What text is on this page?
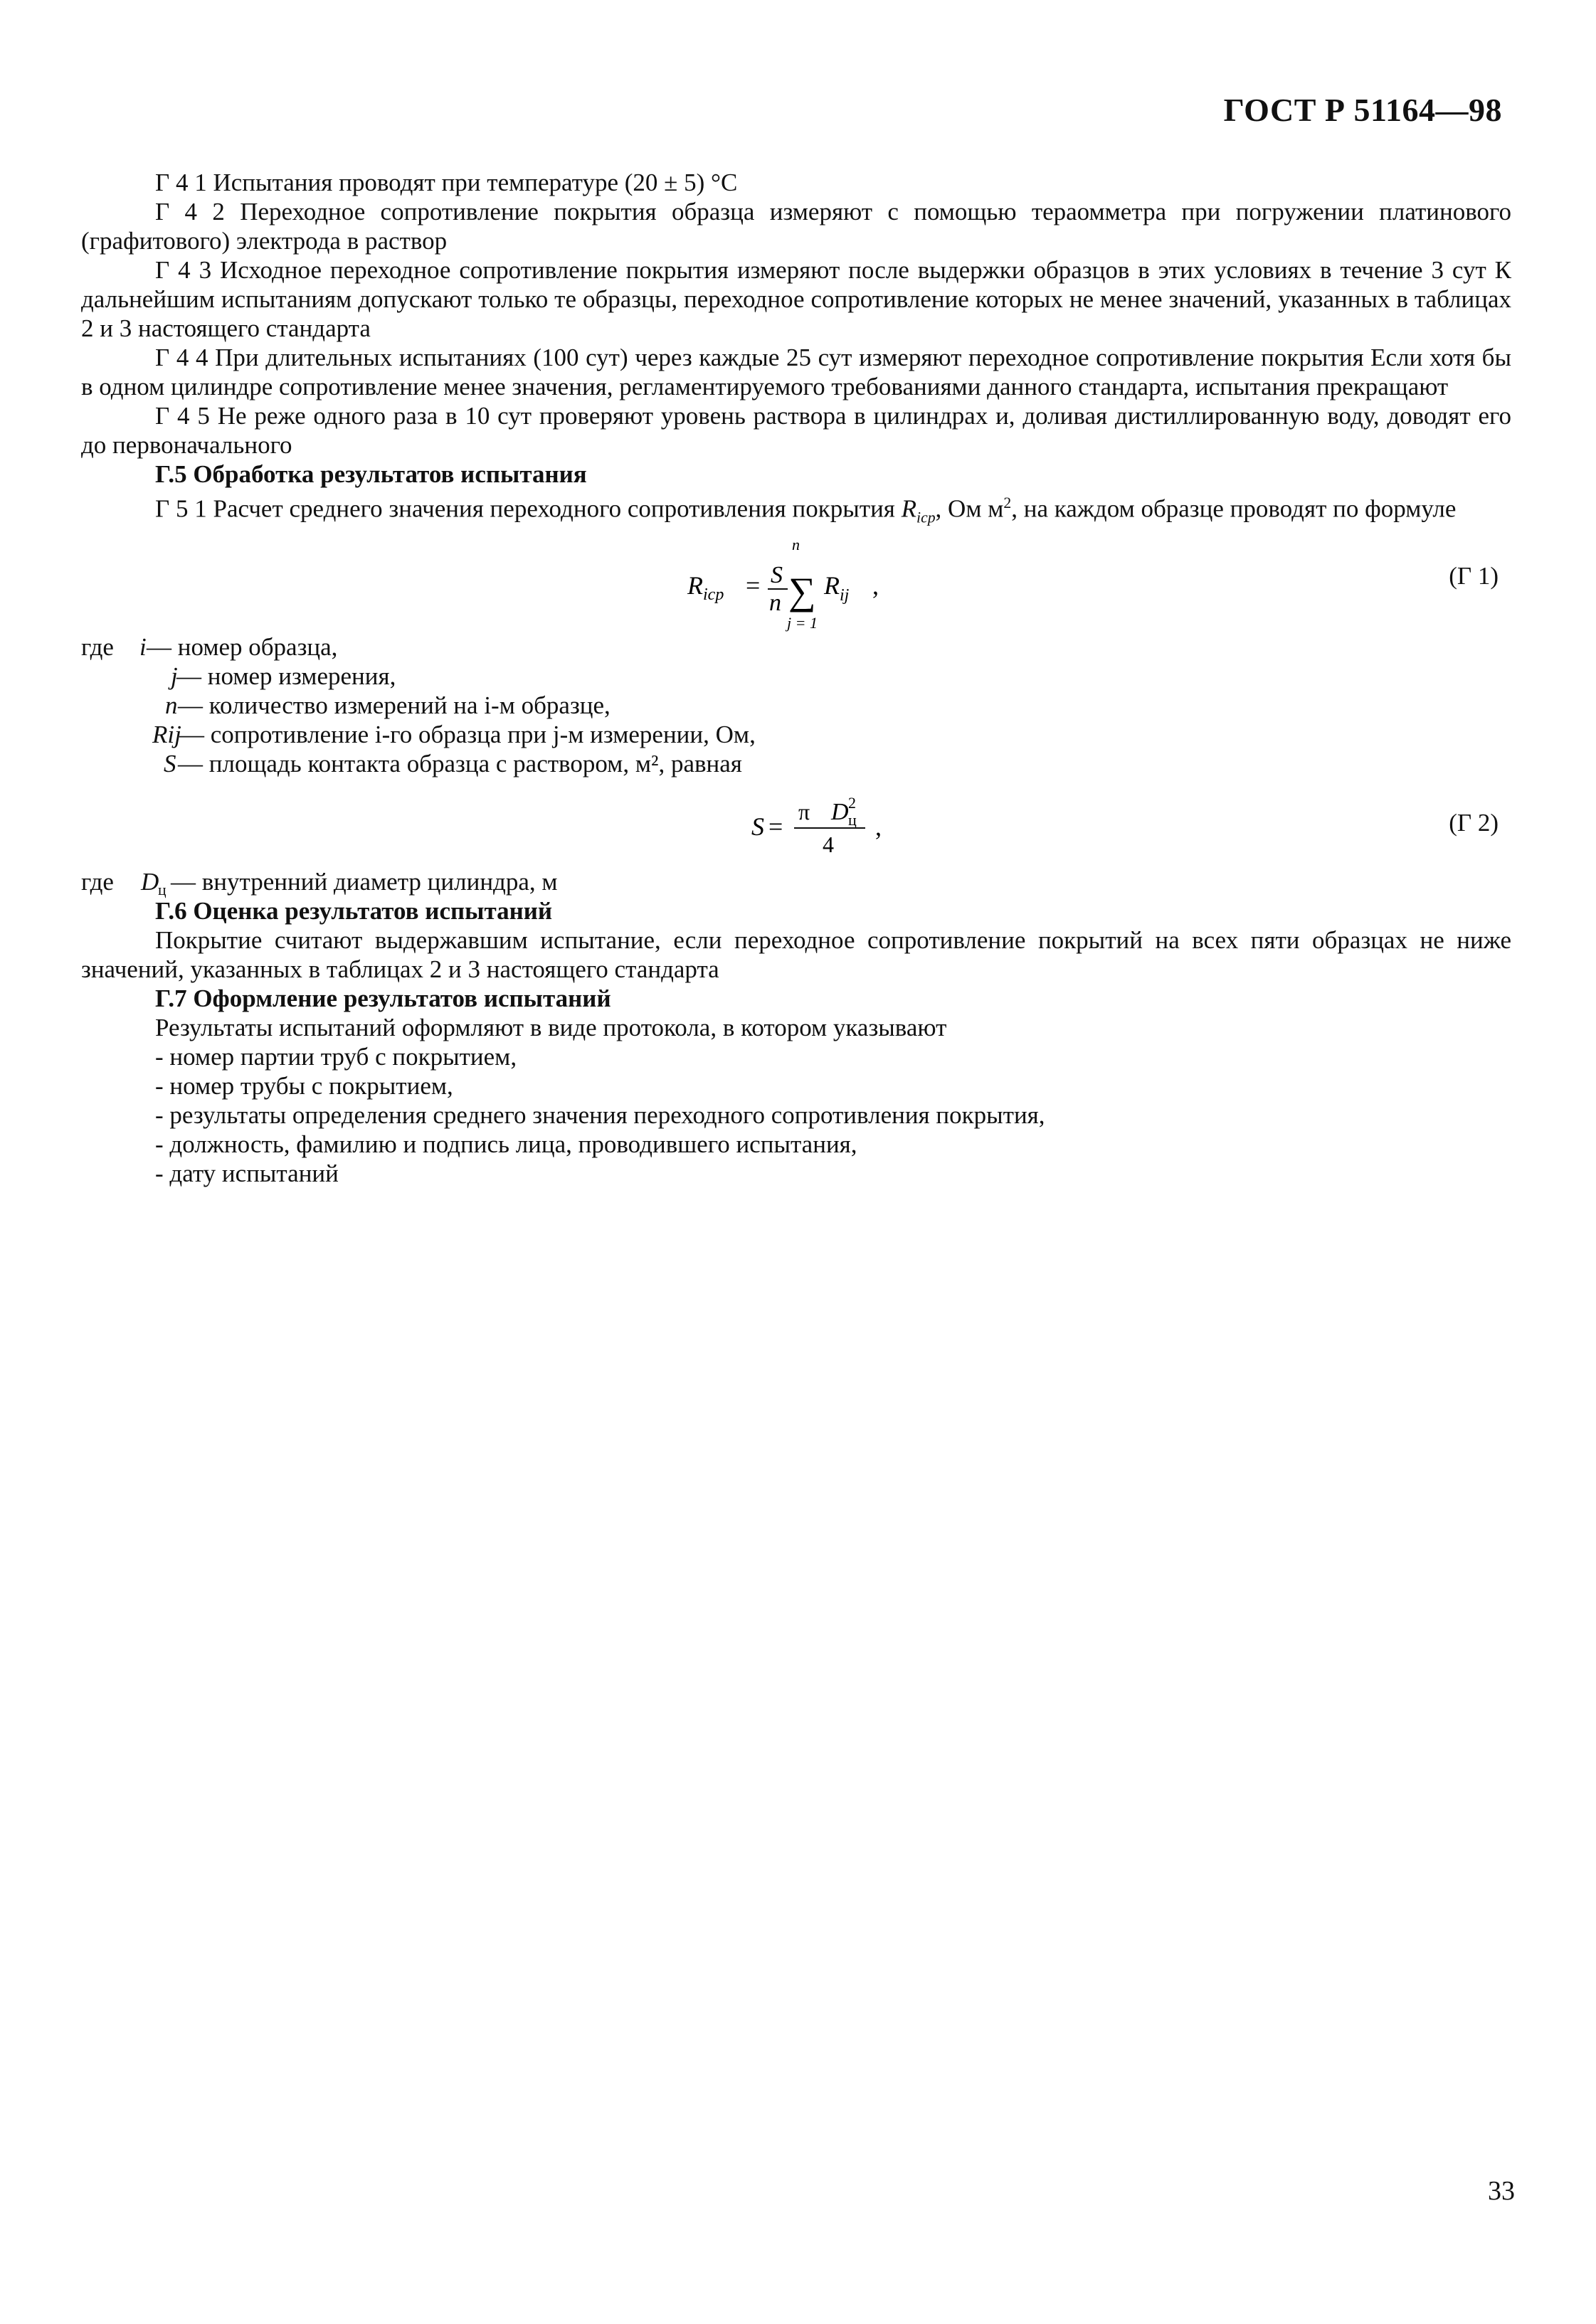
ГОСТ Р 51164—98

Г 4 1 Испытания проводят при температуре (20 ± 5) °С

Г 4 2 Переходное сопротивление покрытия образца измеряют с помощью тераомметра при погружении платинового (графитового) электрода в раствор

Г 4 3 Исходное переходное сопротивление покрытия измеряют после выдержки образцов в этих условиях в течение 3 сут К дальнейшим испытаниям допускают только те образцы, переходное сопротивление которых не менее значений, указанных в таблицах 2 и 3 настоящего стандарта

Г 4 4 При длительных испытаниях (100 сут) через каждые 25 сут измеряют переходное сопротивление покрытия Если хотя бы в одном цилиндре сопротивление менее значения, регламентируемого требованиями данного стандарта, испытания прекращают

Г 4 5 Не реже одного раза в 10 сут проверяют уровень раствора в цилиндрах и, доливая дистиллированную воду, доводят его до первоначального

Г.5 Обработка результатов испытания

Г 5 1 Расчет среднего значения переходного сопротивления покрытия $R_{iср}$, Ом $м^2$, на каждом образце проводят по формуле

R iср = S
n
n
∑
j = 1
R ij ,	(Г 1)
где i — номер образца,
j
— номер измерения,
n — количество измерений на i-м образце,
Rij
— сопротивление i-го образца при j-м измерении, Ом,
S — площадь контакта образца с раствором, м², равная
S =
π D 2
ц
4
,	(Г 2)
где D
ц — внутренний диаметр цилиндра, м

Г.6 Оценка результатов испытаний

Покрытие считают выдержавшим испытание, если переходное сопротивление покрытий на всех пяти образцах не ниже значений, указанных в таблицах 2 и 3 настоящего стандарта

Г.7 Оформление результатов испытаний

Результаты испытаний оформляют в виде протокола, в котором указывают

- номер партии труб с покрытием,

- номер трубы с покрытием,

- результаты определения среднего значения переходного сопротивления покрытия,

- должность, фамилию и подпись лица, проводившего испытания,

- дату испытаний

33
